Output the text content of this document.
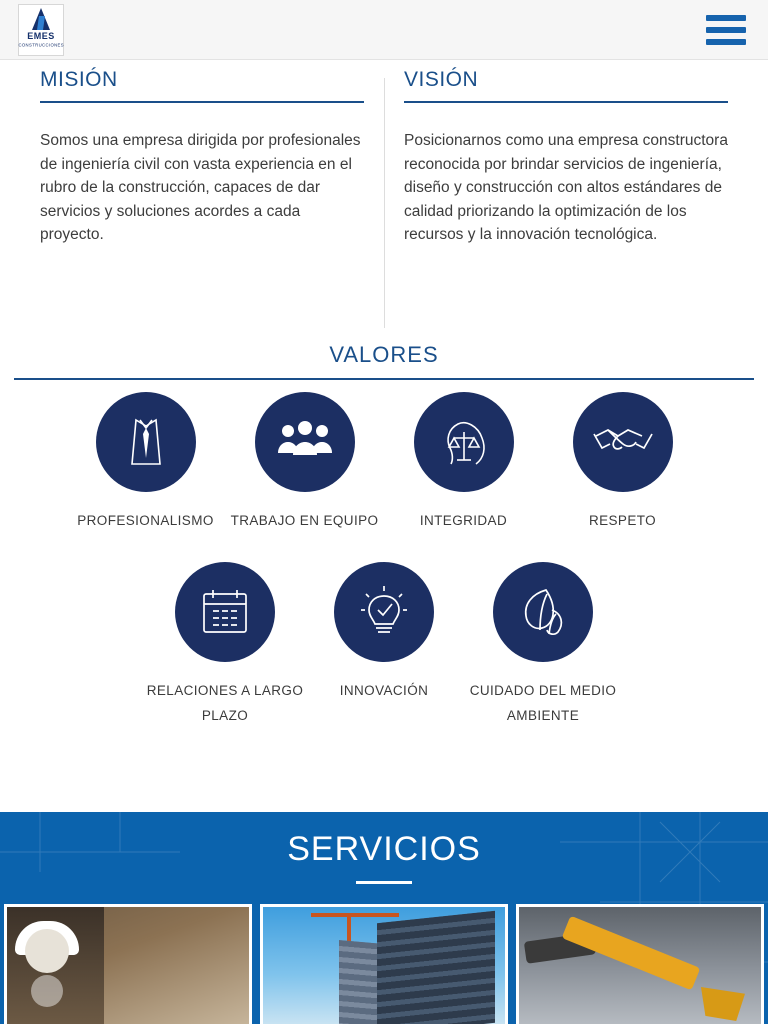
EMES
CONSTRUCCIONES
MISIÓN

Somos una empresa dirigida por profesionales de ingeniería civil con vasta experiencia en el rubro de la construcción, capaces de dar servicios y soluciones acordes a cada proyecto.

VISIÓN

Posicionarnos como una empresa constructora reconocida por brindar servicios de ingeniería, diseño y construcción con altos estándares de calidad priorizando la optimización de los recursos y la innovación tecnológica.

VALORES
PROFESIONALISMO	TRABAJO EN EQUIPO	INTEGRIDAD	RESPETO
RELACIONES A LARGO PLAZO
INNOVACIÓN	CUIDADO DEL MEDIO AMBIENTE
SERVICIOS
